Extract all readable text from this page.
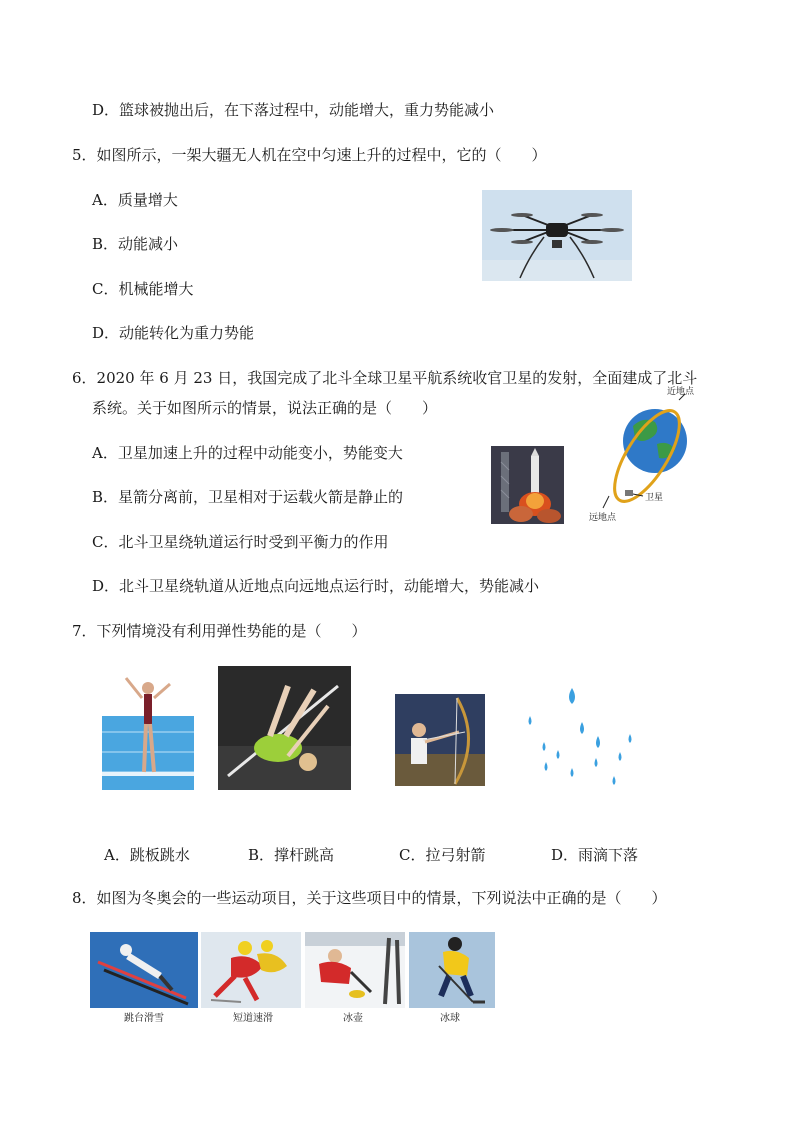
D．篮球被抛出后，在下落过程中，动能增大，重力势能减小
5．如图所示，一架大疆无人机在空中匀速上升的过程中，它的（　　）
A．质量增大
B．动能减小
C．机械能增大
D．动能转化为重力势能
6．2020 年 6 月 23 日，我国完成了北斗全球卫星平航系统收官卫星的发射，全面建成了北斗
系统。关于如图所示的情景，说法正确的是（　　）
A．卫星加速上升的过程中动能变小，势能变大
B．星箭分离前，卫星相对于运载火箭是静止的
C．北斗卫星绕轨道运行时受到平衡力的作用
D．北斗卫星绕轨道从近地点向远地点运行时，动能增大，势能减小
近地点
卫星
远地点
7．下列情境没有利用弹性势能的是（　　）
A．跳板跳水	B．撑杆跳高	C．拉弓射箭	D．雨滴下落
8．如图为冬奥会的一些运动项目，关于这些项目中的情景，下列说法中正确的是（　　）
跳台滑雪	短道速滑	冰壶	冰球
